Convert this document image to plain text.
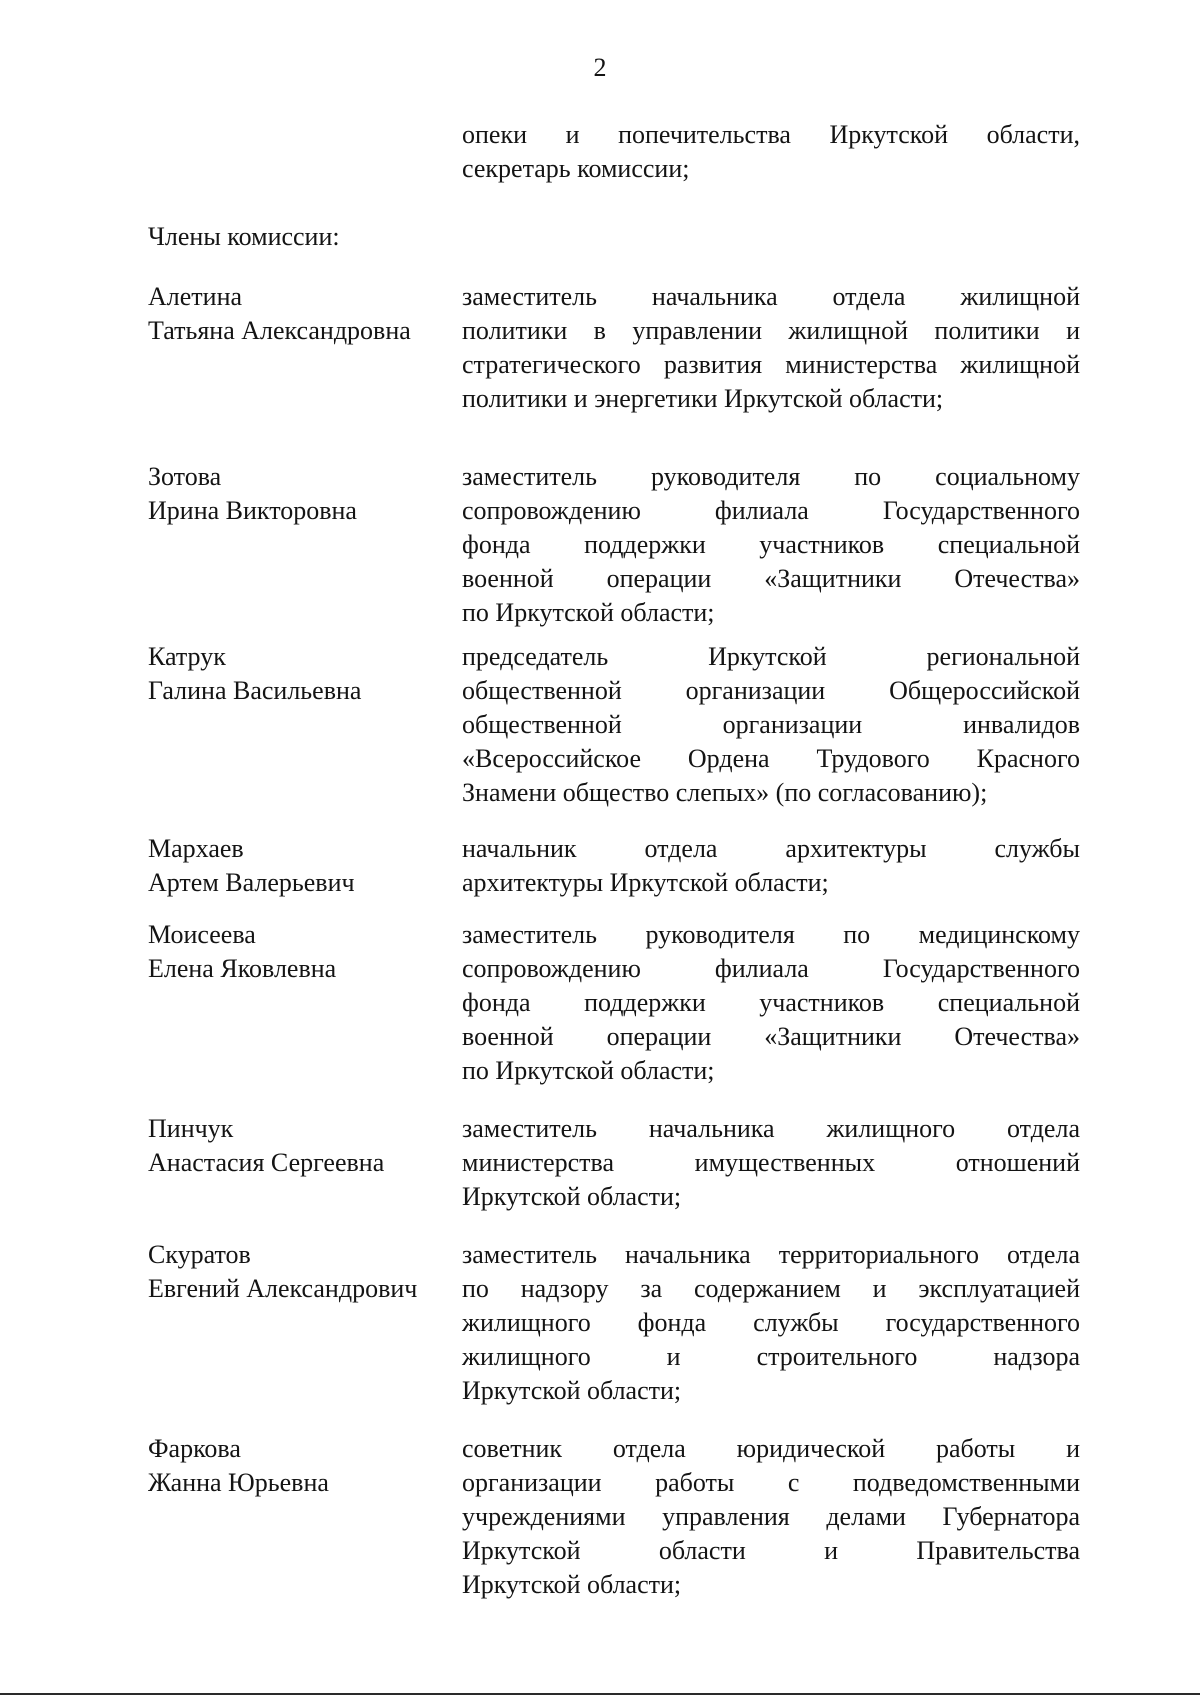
2
опеки и попечительства Иркутской области,
секретарь комиссии;
Члены комиссии:
Алетина
Татьяна Александровна
заместитель начальника отдела жилищной
политики в управлении жилищной политики и
стратегического развития министерства жилищной
политики и энергетики Иркутской области;
Зотова
Ирина Викторовна
заместитель руководителя по социальному
сопровождению филиала Государственного
фонда поддержки участников специальной
военной операции «Защитники Отечества»
по Иркутской области;
Катрук
Галина Васильевна
председатель Иркутской региональной
общественной организации Общероссийской
общественной организации инвалидов
«Всероссийское Ордена Трудового Красного
Знамени общество слепых» (по согласованию);
Мархаев
Артем Валерьевич
начальник отдела архитектуры службы
архитектуры Иркутской области;
Моисеева
Елена Яковлевна
заместитель руководителя по медицинскому
сопровождению филиала Государственного
фонда поддержки участников специальной
военной операции «Защитники Отечества»
по Иркутской области;
Пинчук
Анастасия Сергеевна
заместитель начальника жилищного отдела
министерства имущественных отношений
Иркутской области;
Скуратов
Евгений Александрович
заместитель начальника территориального отдела
по надзору за содержанием и эксплуатацией
жилищного фонда службы государственного
жилищного и строительного надзора
Иркутской области;
Фаркова
Жанна Юрьевна
советник отдела юридической работы и
организации работы с подведомственными
учреждениями управления делами Губернатора
Иркутской области и Правительства
Иркутской области;
